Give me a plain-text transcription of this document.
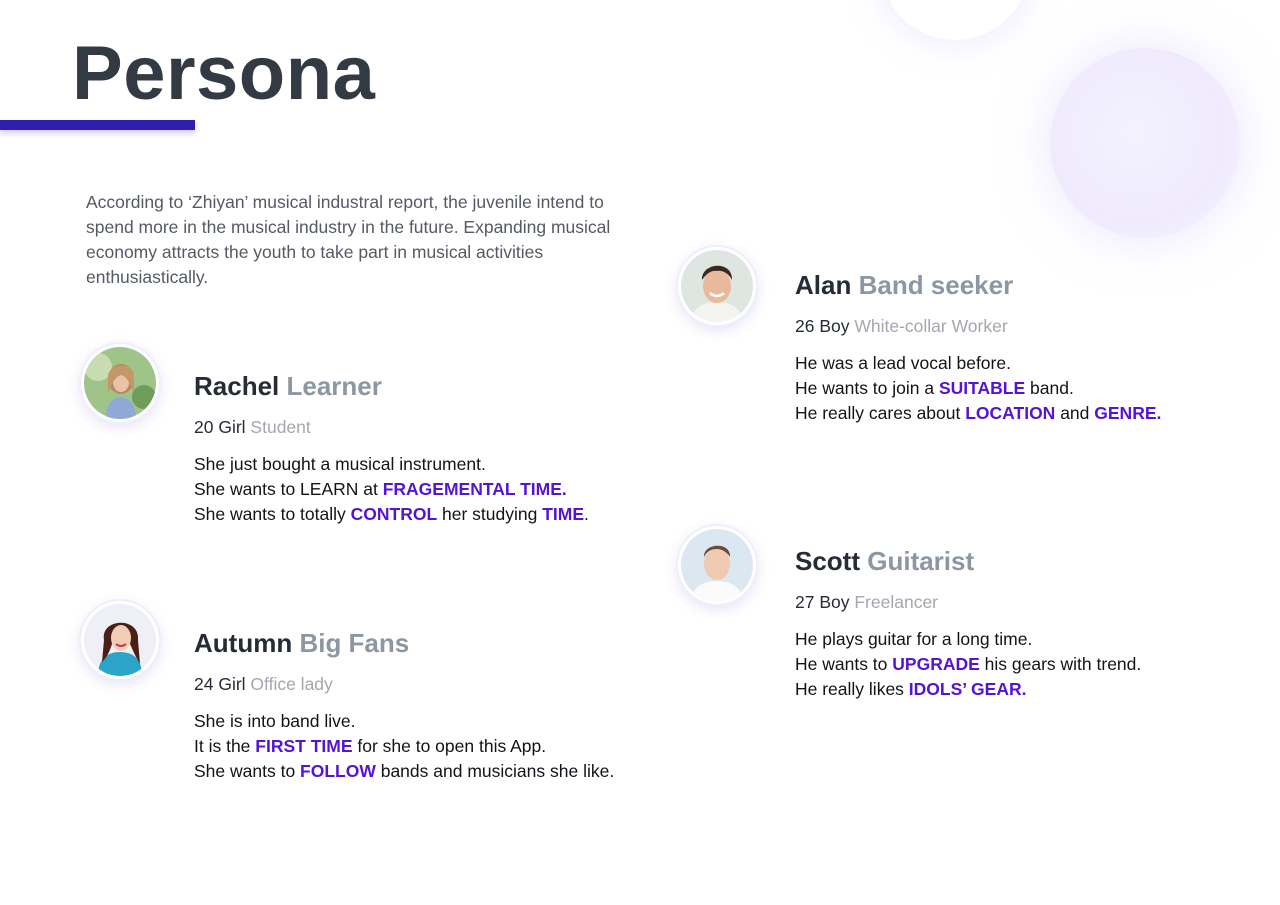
Persona

According to ‘Zhiyan’ musical industral report, the juvenile intend to spend more in the musical industry in the future. Expanding musical economy attracts the youth to take part in musical activities enthusiastically.

Rachel Learner

20 Girl Student

She just bought a musical instrument.
She wants to LEARN at FRAGEMENTAL TIME.
She wants to totally CONTROL her studying TIME.

Autumn Big Fans

24 Girl Office lady

She is into band live.
It is the FIRST TIME for she to open this App.
She wants to FOLLOW bands and musicians she like.

Alan Band seeker

26 Boy White-collar Worker

He was a lead vocal before.
He wants to join a SUITABLE band.
He really cares about LOCATION and GENRE.

Scott Guitarist

27 Boy Freelancer

He plays guitar for a long time.
He wants to UPGRADE his gears with trend.
He really likes IDOLS’ GEAR.
